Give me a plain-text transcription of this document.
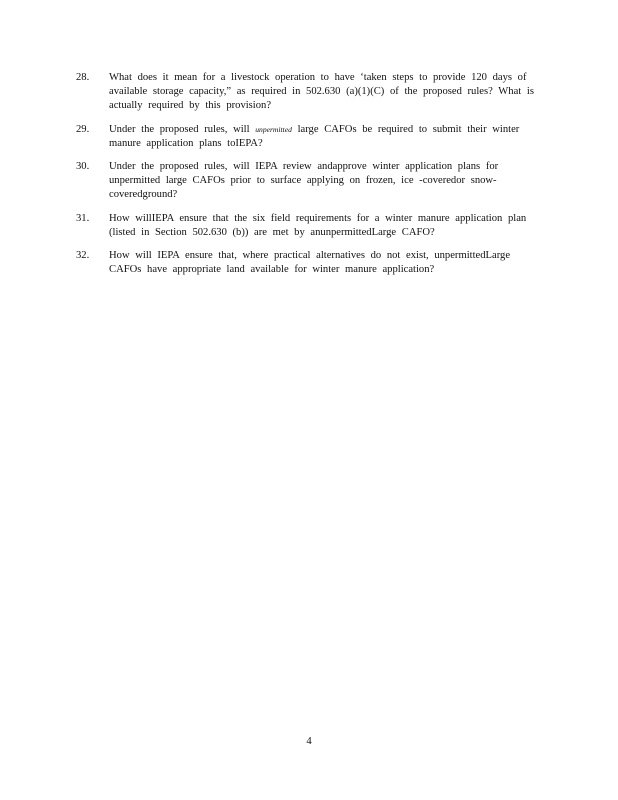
28.	What does it mean for a livestock operation to have ‘taken steps to provide 120 days of available storage capacity,” as required in 502.630 (a)(1)(C) of the proposed rules? What is actually required by this provision?
29.	Under the proposed rules, will unpermitted large CAFOs be required to submit their winter manure application plans toIEPA?
30.	Under the proposed rules, will IEPA review andapprove winter application plans for unpermitted large CAFOs prior to surface applying on frozen, ice -coveredor snow-coveredground?
31.	How willIEPA ensure that the six field requirements for a winter manure application plan (listed in Section 502.630 (b)) are met by anunpermittedLarge CAFO?
32.	How will IEPA ensure that, where practical alternatives do not exist, unpermittedLarge CAFOs have appropriate land available for winter manure application?
4
